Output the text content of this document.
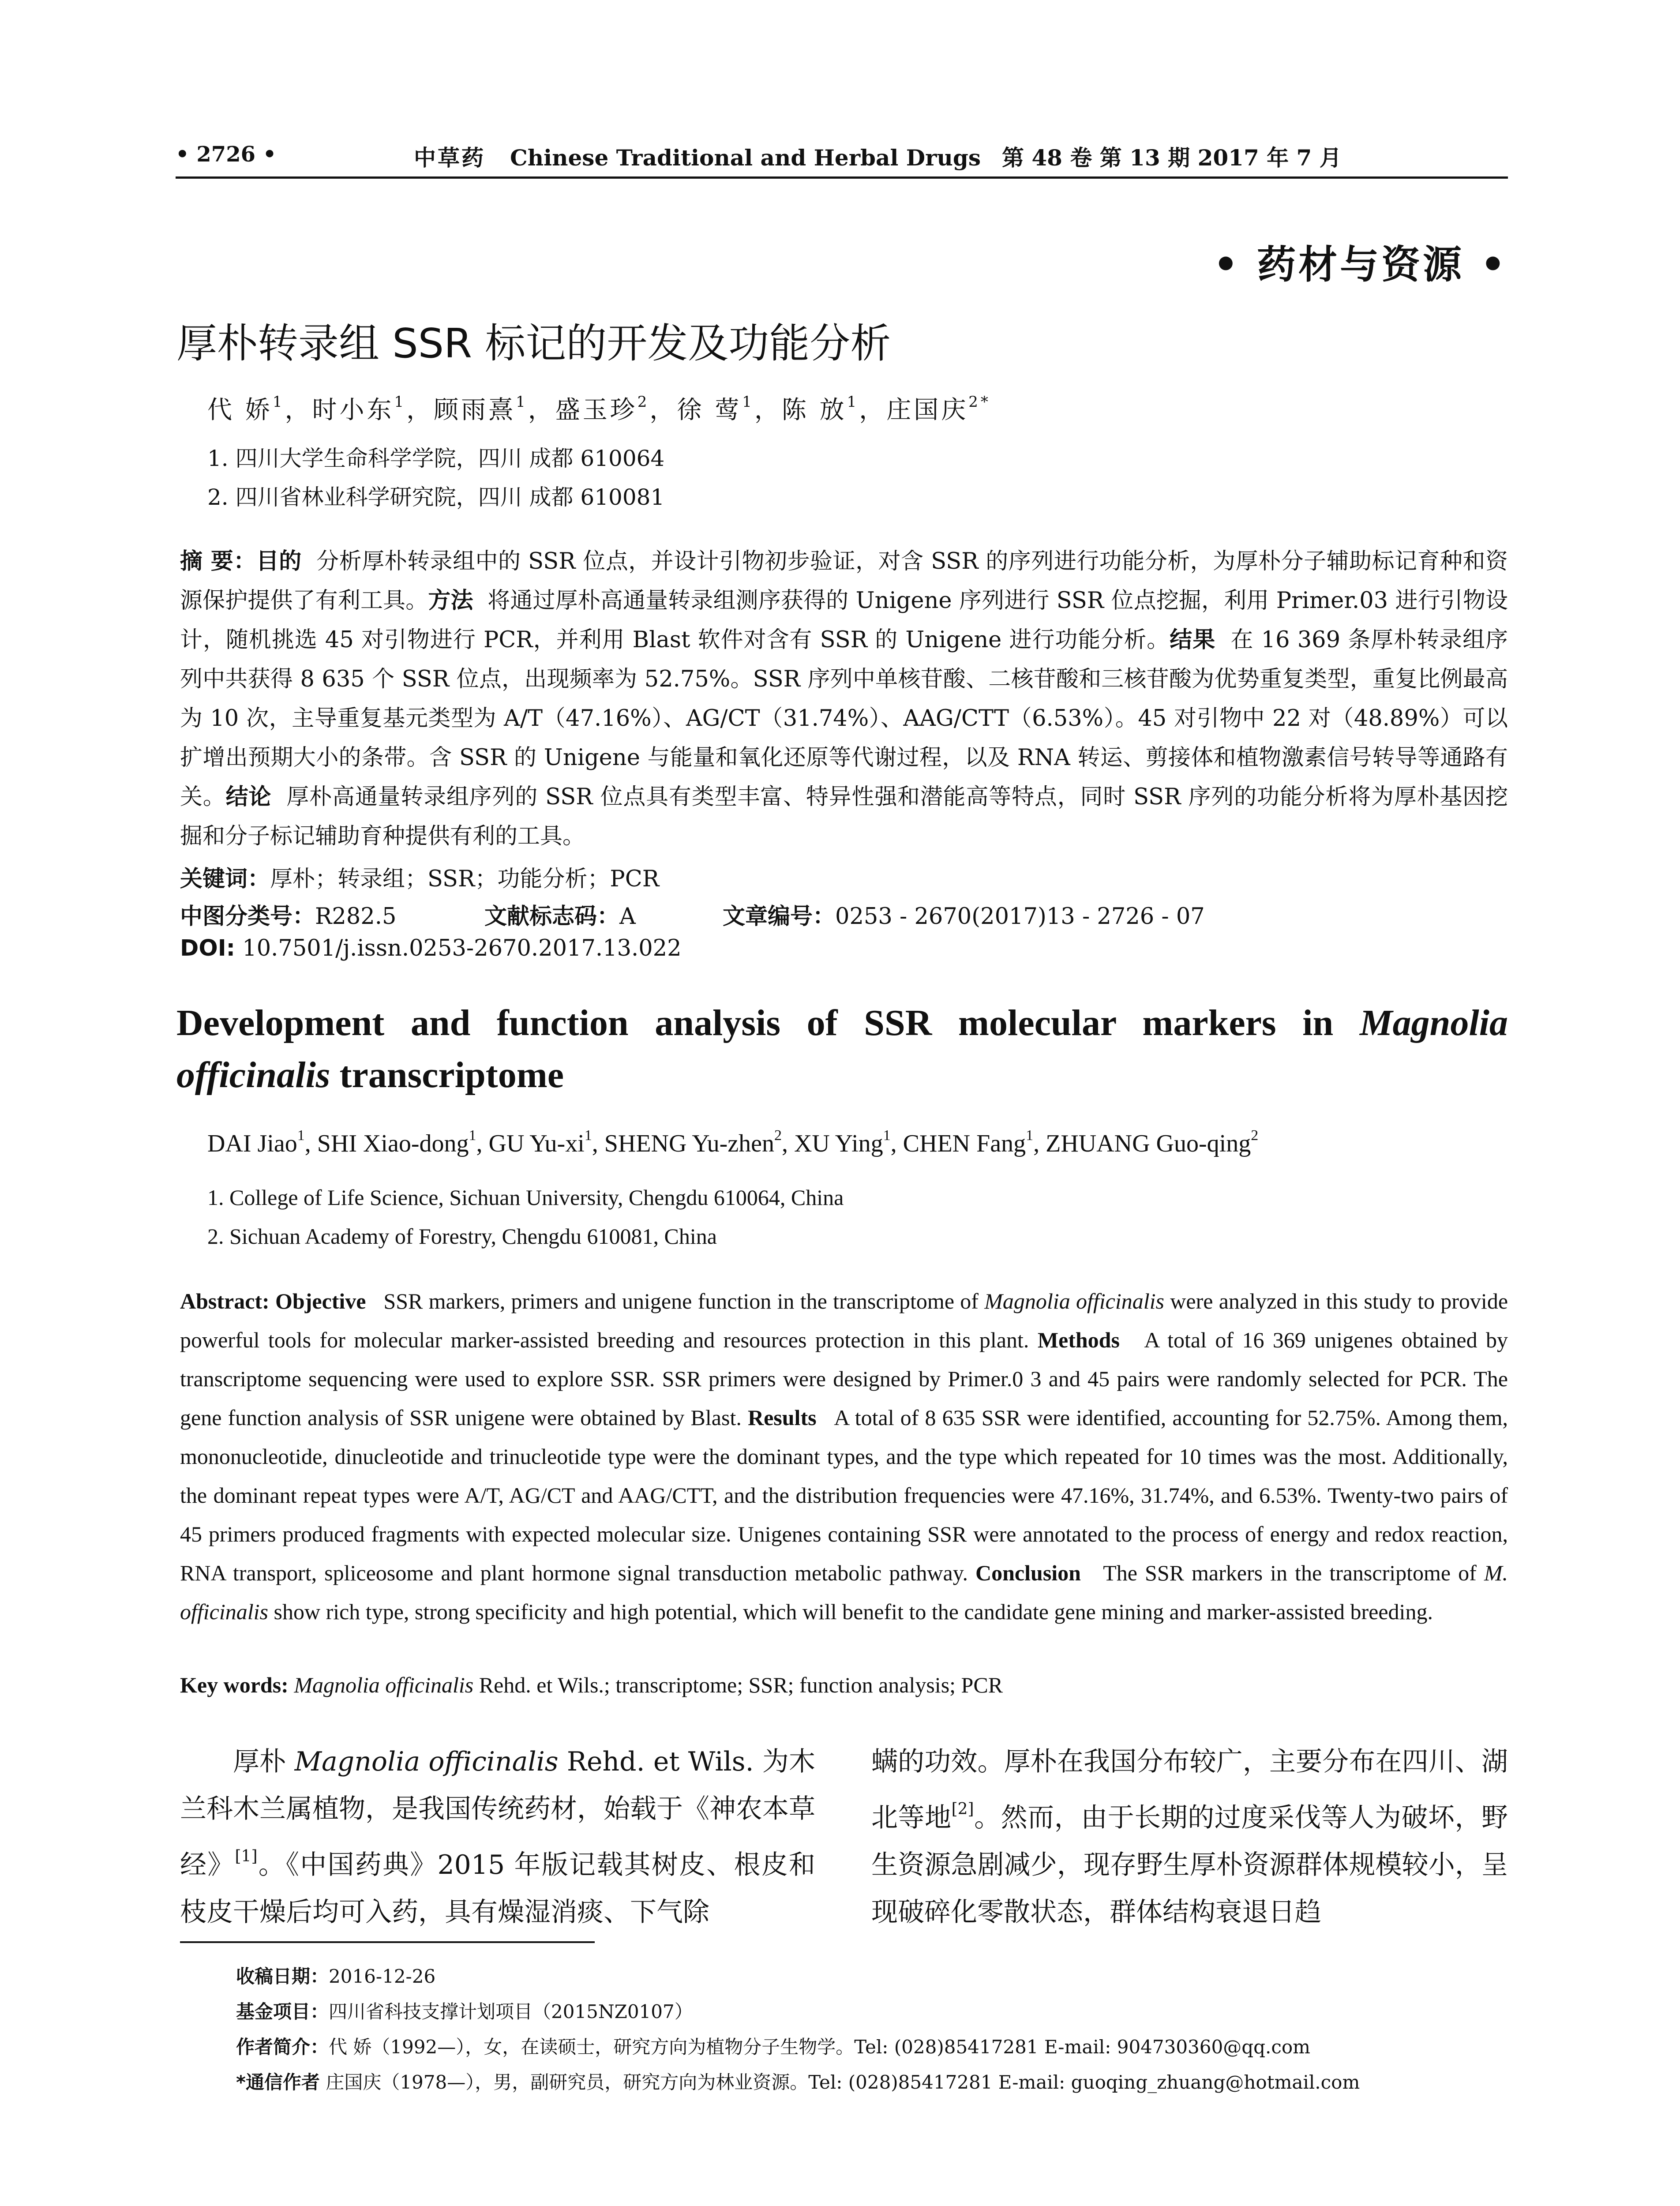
• 2726 •	中草药 Chinese Traditional and Herbal Drugs 第 48 卷 第 13 期 2017 年 7 月
• 药材与资源 •
厚朴转录组 SSR 标记的开发及功能分析
代 娇$^1$，时小东$^1$，顾雨熹$^1$，盛玉珍$^2$，徐 莺$^1$，陈 放$^1$，庄国庆$^{2*}$
1. 四川大学生命科学学院，四川 成都 610064
2. 四川省林业科学研究院，四川 成都 610081
摘 要：目的 分析厚朴转录组中的 SSR 位点，并设计引物初步验证，对含 SSR 的序列进行功能分析，为厚朴分子辅助标记育种和资源保护提供了有利工具。方法 将通过厚朴高通量转录组测序获得的 Unigene 序列进行 SSR 位点挖掘，利用 Primer.03 进行引物设计，随机挑选 45 对引物进行 PCR，并利用 Blast 软件对含有 SSR 的 Unigene 进行功能分析。结果 在 16 369 条厚朴转录组序列中共获得 8 635 个 SSR 位点，出现频率为 52.75%。SSR 序列中单核苷酸、二核苷酸和三核苷酸为优势重复类型，重复比例最高为 10 次，主导重复基元类型为 A/T（47.16%）、AG/CT（31.74%）、AAG/CTT（6.53%）。45 对引物中 22 对（48.89%）可以扩增出预期大小的条带。含 SSR 的 Unigene 与能量和氧化还原等代谢过程，以及 RNA 转运、剪接体和植物激素信号转导等通路有关。结论 厚朴高通量转录组序列的 SSR 位点具有类型丰富、特异性强和潜能高等特点，同时 SSR 序列的功能分析将为厚朴基因挖掘和分子标记辅助育种提供有利的工具。
关键词：厚朴；转录组；SSR；功能分析；PCR
中图分类号：R282.5	文献标志码：A	文章编号：0253 - 2670(2017)13 - 2726 - 07
DOI: 10.7501/j.issn.0253-2670.2017.13.022
Development and function analysis of SSR molecular markers in Magnolia officinalis transcriptome
DAI Jiao$^1$, SHI Xiao-dong$^1$, GU $Yu-xi^1$, SHENG Yu-zhen$^2$, XU Ying$^1$, CHEN Fang$^1$, ZHUANG Guo-qing$^2$
1. College of Life Science, Sichuan University, Chengdu 610064, China
2. Sichuan Academy of Forestry, Chengdu 610081, China
Abstract: Objective SSR markers, primers and unigene function in the transcriptome of Magnolia officinalis were analyzed in this study to provide powerful tools for molecular marker-assisted breeding and resources protection in this plant. Methods A total of 16 369 unigenes obtained by transcriptome sequencing were used to explore SSR. SSR primers were designed by Primer.0 3 and 45 pairs were randomly selected for PCR. The gene function analysis of SSR unigene were obtained by Blast. Results A total of 8 635 SSR were identified, accounting for 52.75%. Among them, mononucleotide, dinucleotide and trinucleotide type were the dominant types, and the type which repeated for 10 times was the most. Additionally, the dominant repeat types were A/T, AG/CT and AAG/CTT, and the distribution frequencies were 47.16%, 31.74%, and 6.53%. Twenty-two pairs of 45 primers produced fragments with expected molecular size. Unigenes containing SSR were annotated to the process of energy and redox reaction, RNA transport, spliceosome and plant hormone signal transduction metabolic pathway. Conclusion The SSR markers in the transcriptome of M. officinalis show rich type, strong specificity and high potential, which will benefit to the candidate gene mining and marker-assisted breeding.
Key words: Magnolia officinalis Rehd. et Wils.; transcriptome; SSR; function analysis; PCR
厚朴 Magnolia officinalis Rehd. et Wils. 为木兰科木兰属植物，是我国传统药材，始载于《神农本草经》[1]。《中国药典》2015 年版记载其树皮、根皮和枝皮干燥后均可入药，具有燥湿消痰、下气除
螨的功效。厚朴在我国分布较广，主要分布在四川、湖北等地[2]。然而，由于长期的过度采伐等人为破坏，野生资源急剧减少，现存野生厚朴资源群体规模较小，呈现破碎化零散状态，群体结构衰退日趋
收稿日期：2016-12-26
基金项目：四川省科技支撑计划项目（2015NZ0107）
作者简介：代 娇（1992—），女，在读硕士，研究方向为植物分子生物学。Tel: (028)85417281 E-mail: 904730360@qq.com
*通信作者 庄国庆（1978—），男，副研究员，研究方向为林业资源。Tel: (028)85417281 E-mail: guoqing_zhuang@hotmail.com
